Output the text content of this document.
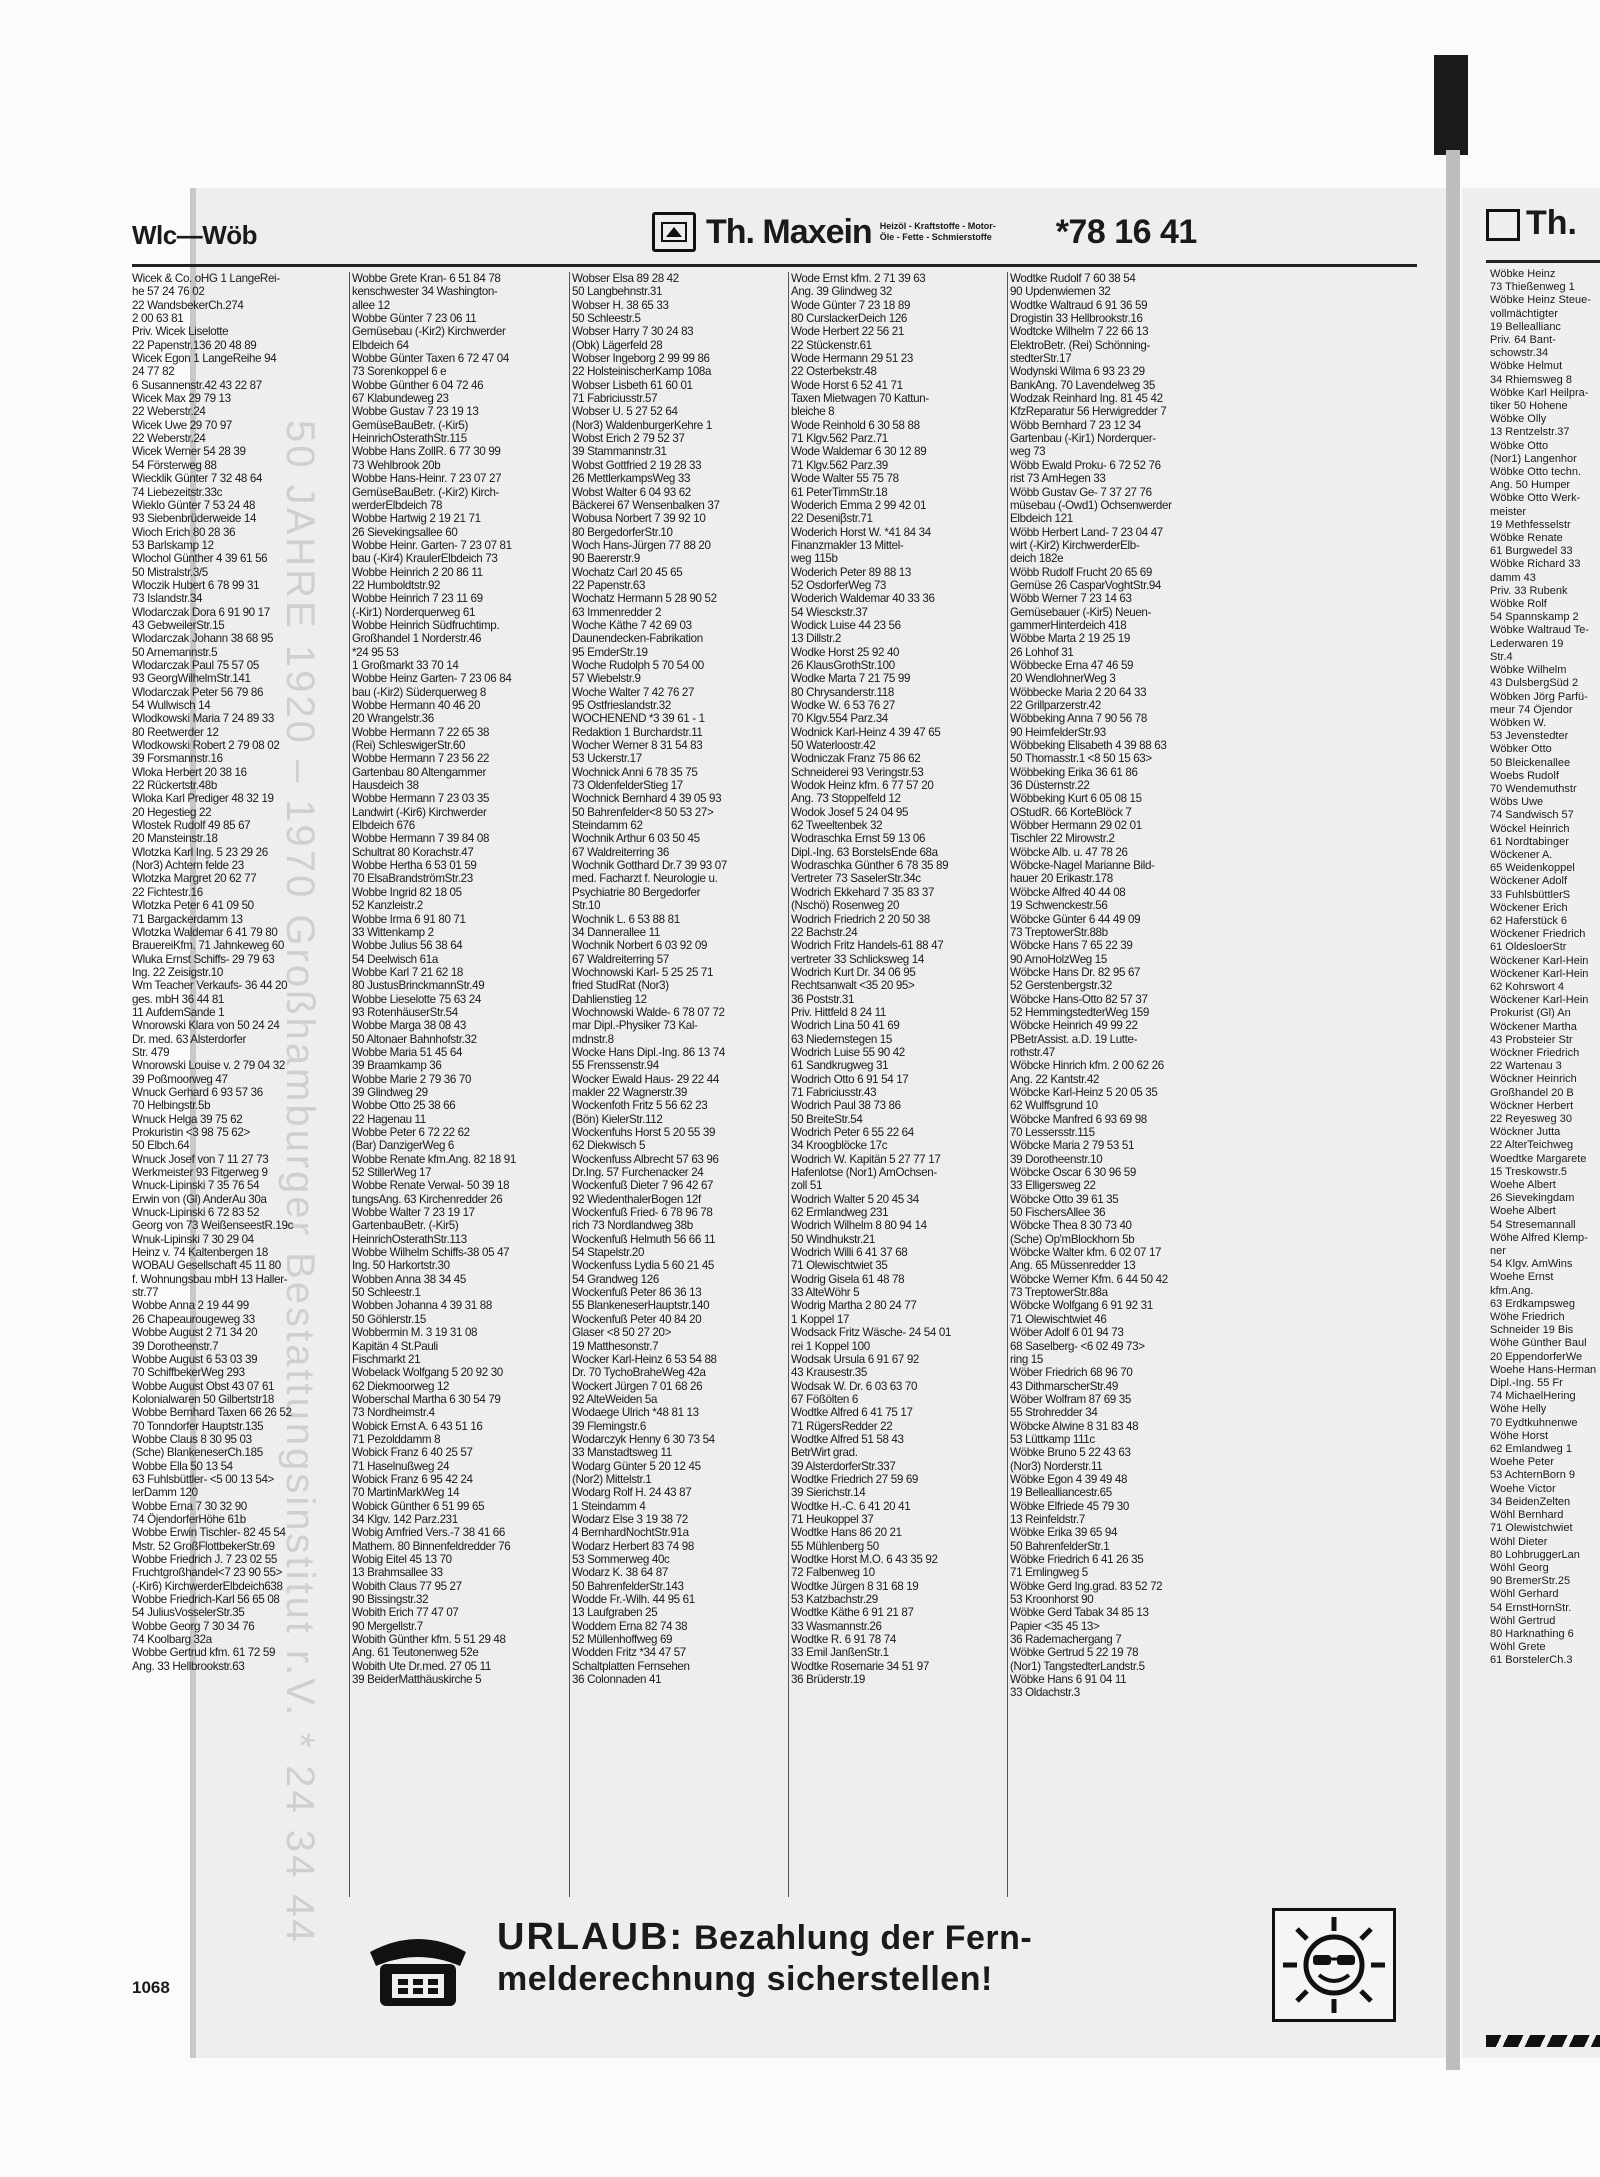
Th.
Wöbke Heinz
73 Thießenweg 1
Wöbke Heinz Steue-
vollmächtigter
19 Belleallianc
Priv. 64 Bant-
schowstr.34
Wöbke Helmut
34 Rhiemsweg 8
Wöbke Karl Heilpra-
tiker 50 Hohene
Wöbke Olly
13 Rentzelstr.37
Wöbke Otto
(Nor1) Langenhor
Wöbke Otto techn.
Ang. 50 Humper
Wöbke Otto Werk-
meister
19 Methfesselstr
Wöbke Renate
61 Burgwedel 33
Wöbke Richard 33
damm 43
Priv. 33 Rubenk
Wöbke Rolf
54 Spannskamp 2
Wöbke Waltraud Te-
Lederwaren 19
Str.4
Wöbke Wilhelm
43 DulsbergSüd 2
Wöbken Jörg Parfü-
meur 74 Öjendor
Wöbken W.
53 Jevenstedter
Wöbker Otto
50 Bleickenallee
Woebs Rudolf
70 Wendemuthstr
Wöbs Uwe
74 Sandwisch 57
Wöckel Heinrich
61 Nordtabinger
Wöckener A.
65 Weidenkoppel
Wöckener Adolf
33 FuhlsbüttlerS
Wöckener Erich
62 Haferstück 6
Wöckener Friedrich
61 OldesloerStr
Wöckener Karl-Hein
Wöckener Karl-Hein
62 Kohrswort 4
Wöckener Karl-Hein
Prokurist (Gl) An
Wöckener Martha
43 Probsteier Str
Wöckner Friedrich
22 Wartenau 3
Wöckner Heinrich
Großhandel 20 B
Wöckner Herbert
22 Reyesweg 30
Wöckner Jutta
22 AlterTeichweg
Woedtke Margarete
15 Treskowstr.5
Woehe Albert
26 Sievekingdam
Woehe Albert
54 Stresemannall
Wöhe Alfred Klemp-
ner
54 Klgv. AmWins
Woehe Ernst
kfm.Ang.
63 Erdkampsweg
Wöhe Friedrich
Schneider 19 Bis
Wöhe Günther Baul
20 EppendorferWe
Woehe Hans-Herman
Dipl.-Ing. 55 Fr
74 MichaelHering
Wöhe Helly
70 Eydtkuhnenwe
Wöhe Horst
62 Emlandweg 1
Woehe Peter
53 AchternBorn 9
Woehe Victor
34 BeidenZelten
Wöhl Bernhard
71 Olewistchwiet
Wöhl Dieter
80 LohbruggerLan
Wöhl Georg
90 BremerStr.25
Wöhl Gerhard
54 ErnstHornStr.
Wöhl Gertrud
80 Harknathing 6
Wöhl Grete
61 BorstelerCh.3
Wlc—Wöb	Th. Maxein Heizöl - Kraftstoffe - Motor-
Öle - Fette - Schmierstoffe	*78 16 41
50 JAHRE 1920 – 1970 Großhamburger Bestattungsinstitut r.V. * 24 34 44
Wicek & Co. oHG 1 LangeRei-
he 57 24 76 02
22 WandsbekerCh.274
2 00 63 81
Priv. Wicek Liselotte
22 Papenstr.136 20 48 89
Wicek Egon 1 LangeReihe 94
24 77 82
6 Susannenstr.42 43 22 87
Wicek Max 29 79 13
22 Weberstr.24
Wicek Uwe 29 70 97
22 Weberstr.24
Wicek Werner 54 28 39
54 Försterweg 88
Wiecklik Günter 7 32 48 64
74 Liebezeitstr.33c
Wieklo Günter 7 53 24 48
93 Siebenbrüderweide 14
Wioch Erich 80 28 36
53 Barlskamp 12
Wlochol Günther 4 39 61 56
50 Mistralstr.3/5
Wloczik Hubert 6 78 99 31
73 Islandstr.34
Wlodarczak Dora 6 91 90 17
43 GebweilerStr.15
Wlodarczak Johann 38 68 95
50 Arnemannstr.5
Wlodarczak Paul 75 57 05
93 GeorgWilhelmStr.141
Wlodarczak Peter 56 79 86
54 Wullwisch 14
Wlodkowski Maria 7 24 89 33
80 Reetwerder 12
Wlodkowski Robert 2 79 08 02
39 Forsmannstr.16
Wloka Herbert 20 38 16
22 Rückertstr.48b
Wloka Karl Prediger 48 32 19
20 Hegestieg 22
Wlostek Rudolf 49 85 67
20 Mansteinstr.18
Wlotzka Karl Ing. 5 23 29 26
(Nor3) Achtern felde 23
Wlotzka Margret 20 62 77
22 Fichtestr.16
Wlotzka Peter 6 41 09 50
71 Bargackerdamm 13
Wlotzka Waldemar 6 41 79 80
BrauereiKfm. 71 Jahnkeweg 60
Wluka Ernst Schiffs- 29 79 63
Ing. 22 Zeisigstr.10
Wm Teacher Verkaufs- 36 44 20
ges. mbH 36 44 81
11 AufdemSande 1
Wnorowski Klara von 50 24 24
Dr. med. 63 Alsterdorfer
Str. 479
Wnorowski Louise v. 2 79 04 32
39 Poßmoorweg 47
Wnuck Gerhard 6 93 57 36
70 Helbingstr.5b
Wnuck Helga 39 75 62
Prokuristin <3 98 75 62>
50 Elbch.64
Wnuck Josef von 7 11 27 73
Werkmeister 93 Fitgerweg 9
Wnuck-Lipinski 7 35 76 54
Erwin von (Gl) AnderAu 30a
Wnuck-Lipinski 6 72 83 52
Georg von 73 WeißenseestR.19c
Wnuk-Lipinski 7 30 29 04
Heinz v. 74 Kaltenbergen 18
WOBAU Gesellschaft 45 11 80
f. Wohnungsbau mbH 13 Haller-
str.77
Wobbe Anna 2 19 44 99
26 Chapeaurougeweg 33
Wobbe August 2 71 34 20
39 Dorotheenstr.7
Wobbe August 6 53 03 39
70 SchiffbekerWeg 293
Wobbe August Obst 43 07 61
Kolonialwaren 50 Gilbertstr18
Wobbe Bernhard Taxen 66 26 52
70 Tonndorfer Hauptstr.135
Wobbe Claus 8 30 95 03
(Sche) BlankeneserCh.185
Wobbe Ella 50 13 54
63 Fuhlsbüttler- <5 00 13 54>
lerDamm 120
Wobbe Erna 7 30 32 90
74 ÖjendorferHöhe 61b
Wobbe Erwin Tischler- 82 45 54
Mstr. 52 GroßFlottbekerStr.69
Wobbe Friedrich J. 7 23 02 55
Fruchtgroßhandel<7 23 90 55>
(-Kir6) KirchwerderElbdeich638
Wobbe Friedrich-Karl 56 65 08
54 JuliusVosselerStr.35
Wobbe Georg 7 30 34 76
74 Koolbarg 32a
Wobbe Gertrud kfm. 61 72 59
Ang. 33 Hellbrookstr.63
Wobbe Grete Kran- 6 51 84 78
kenschwester 34 Washington-
allee 12
Wobbe Günter 7 23 06 11
Gemüsebau (-Kir2) Kirchwerder
Elbdeich 64
Wobbe Günter Taxen 6 72 47 04
73 Sorenkoppel 6 e
Wobbe Günther 6 04 72 46
67 Klabundeweg 23
Wobbe Gustav 7 23 19 13
GemüseBauBetr. (-Kir5)
HeinrichOsterathStr.115
Wobbe Hans ZollR. 6 77 30 99
73 Wehlbrook 20b
Wobbe Hans-Heinr. 7 23 07 27
GemüseBauBetr. (-Kir2) Kirch-
werderElbdeich 78
Wobbe Hartwig 2 19 21 71
26 Sievekingsallee 60
Wobbe Heinr. Garten- 7 23 07 81
bau (-Kir4) KraulerElbdeich 73
Wobbe Heinrich 2 20 86 11
22 Humboldtstr.92
Wobbe Heinrich 7 23 11 69
(-Kir1) Norderquerweg 61
Wobbe Heinrich Südfruchtimp.
Großhandel 1 Norderstr.46
*24 95 53
1 Großmarkt 33 70 14
Wobbe Heinz Garten- 7 23 06 84
bau (-Kir2) Süderquerweg 8
Wobbe Hermann 40 46 20
20 Wrangelstr.36
Wobbe Hermann 7 22 65 38
(Rei) SchleswigerStr.60
Wobbe Hermann 7 23 56 22
Gartenbau 80 Altengammer
Hausdeich 38
Wobbe Hermann 7 23 03 35
Landwirt (-Kir6) Kirchwerder
Elbdeich 676
Wobbe Hermann 7 39 84 08
Schultrat 80 Korachstr.47
Wobbe Hertha 6 53 01 59
70 ElsaBrandströmStr.23
Wobbe Ingrid 82 18 05
52 Kanzleistr.2
Wobbe Irma 6 91 80 71
33 Wittenkamp 2
Wobbe Julius 56 38 64
54 Deelwisch 61a
Wobbe Karl 7 21 62 18
80 JustusBrinckmannStr.49
Wobbe Lieselotte 75 63 24
93 RotenhäuserStr.54
Wobbe Marga 38 08 43
50 Altonaer Bahnhofstr.32
Wobbe Maria 51 45 64
39 Braamkamp 36
Wobbe Marie 2 79 36 70
39 Glindweg 29
Wobbe Otto 25 38 66
22 Hagenau 11
Wobbe Peter 6 72 22 62
(Bar) DanzigerWeg 6
Wobbe Renate kfm.Ang. 82 18 91
52 StillerWeg 17
Wobbe Renate Verwal- 50 39 18
tungsAng. 63 Kirchenredder 26
Wobbe Walter 7 23 19 17
GartenbauBetr. (-Kir5)
HeinrichOsterathStr.113
Wobbe Wilhelm Schiffs-38 05 47
Ing. 50 Harkortstr.30
Wobben Anna 38 34 45
50 Schleestr.1
Wobben Johanna 4 39 31 88
50 Göhlerstr.15
Wobbermin M. 3 19 31 08
Kapitän 4 St.Pauli
Fischmarkt 21
Wobelack Wolfgang 5 20 92 30
62 Diekmoorweg 12
Woberschal Martha 6 30 54 79
73 Nordheimstr.4
Wobick Ernst A. 6 43 51 16
71 Pezolddamm 8
Wobick Franz 6 40 25 57
71 Haselnußweg 24
Wobick Franz 6 95 42 24
70 MartinMarkWeg 14
Wobick Günther 6 51 99 65
34 Klgv. 142 Parz.231
Wobig Amfried Vers.-7 38 41 66
Mathem. 80 Binnenfeldredder 76
Wobig Eitel 45 13 70
13 Brahmsallee 33
Wobith Claus 77 95 27
90 Bissingstr.32
Wobith Erich 77 47 07
90 Mergellstr.7
Wobith Günther kfm. 5 51 29 48
Ang. 61 Teutonenweg 52e
Wobith Ute Dr.med. 27 05 11
39 BeiderMatthäuskirche 5
Wobser Elsa 89 28 42
50 Langbehnstr.31
Wobser H. 38 65 33
50 Schleestr.5
Wobser Harry 7 30 24 83
(Obk) Lägerfeld 28
Wobser Ingeborg 2 99 99 86
22 HolsteinischerKamp 108a
Wobser Lisbeth 61 60 01
71 Fabriciusstr.57
Wobser U. 5 27 52 64
(Nor3) WaldenburgerKehre 1
Wobst Erich 2 79 52 37
39 Stammannstr.31
Wobst Gottfried 2 19 28 33
26 MettlerkampsWeg 33
Wobst Walter 6 04 93 62
Bäckerei 67 Wensenbalken 37
Wobusa Norbert 7 39 92 10
80 BergedorferStr.10
Woch Hans-Jürgen 77 88 20
90 Baererstr.9
Wochatz Carl 20 45 65
22 Papenstr.63
Wochatz Hermann 5 28 90 52
63 Immenredder 2
Woche Käthe 7 42 69 03
Daunendecken-Fabrikation
95 EmderStr.19
Woche Rudolph 5 70 54 00
57 Wiebelstr.9
Woche Walter 7 42 76 27
95 Ostfrieslandstr.32
WOCHENEND *3 39 61 - 1
Redaktion 1 Burchardstr.11
Wocher Werner 8 31 54 83
53 Uckerstr.17
Wochnick Anni 6 78 35 75
73 OldenfelderStieg 17
Wochnick Bernhard 4 39 05 93
50 Bahrenfelder<8 50 53 27>
Steindamm 62
Wochnik Arthur 6 03 50 45
67 Waldreiterring 36
Wochnik Gotthard Dr.7 39 93 07
med. Facharzt f. Neurologie u.
Psychiatrie 80 Bergedorfer
Str.10
Wochnik L. 6 53 88 81
34 Dannerallee 11
Wochnik Norbert 6 03 92 09
67 Waldreiterring 57
Wochnowski Karl- 5 25 25 71
fried StudRat (Nor3)
Dahlienstieg 12
Wochnowski Walde- 6 78 07 72
mar Dipl.-Physiker 73 Kal-
mdnstr.8
Wocke Hans Dipl.-Ing. 86 13 74
55 Frenssenstr.94
Wocker Ewald Haus- 29 22 44
makler 22 Wagnerstr.39
Wockenfoth Fritz 5 56 62 23
(Bön) KielerStr.112
Wockenfuhs Horst 5 20 55 39
62 Diekwisch 5
Wockenfuss Albrecht 57 63 96
Dr.Ing. 57 Furchenacker 24
Wockenfuß Dieter 7 96 42 67
92 WiedenthalerBogen 12f
Wockenfuß Fried- 6 78 96 78
rich 73 Nordlandweg 38b
Wockenfuß Helmuth 56 66 11
54 Stapelstr.20
Wockenfuss Lydia 5 60 21 45
54 Grandweg 126
Wockenfuß Peter 86 36 13
55 BlankeneserHauptstr.140
Wockenfuß Peter 40 84 20
Glaser <8 50 27 20>
19 Matthesonstr.7
Wocker Karl-Heinz 6 53 54 88
Dr. 70 TychoBraheWeg 42a
Wockert Jürgen 7 01 68 26
92 AlteWeiden 5a
Wodaege Ulrich *48 81 13
39 Flemingstr.6
Wodarczyk Henny 6 30 73 54
33 Manstadtsweg 11
Wodarg Günter 5 20 12 45
(Nor2) Mittelstr.1
Wodarg Rolf H. 24 43 87
1 Steindamm 4
Wodarz Else 3 19 38 72
4 BernhardNochtStr.91a
Wodarz Herbert 83 74 98
53 Sommerweg 40c
Wodarz K. 38 64 87
50 BahrenfelderStr.143
Wodde Fr.-Wilh. 44 95 61
13 Laufgraben 25
Woddem Erna 82 74 38
52 Müllenhoffweg 69
Wodden Fritz *34 47 57
Schaltplatten Fernsehen
36 Colonnaden 41
Wode Ernst kfm. 2 71 39 63
Ang. 39 Glindweg 32
Wode Günter 7 23 18 89
80 CurslackerDeich 126
Wode Herbert 22 56 21
22 Stückenstr.61
Wode Hermann 29 51 23
22 Osterbekstr.48
Wode Horst 6 52 41 71
Taxen Mietwagen 70 Kattun-
bleiche 8
Wode Reinhold 6 30 58 88
71 Klgv.562 Parz.71
Wode Waldemar 6 30 12 89
71 Klgv.562 Parz.39
Wode Walter 55 75 78
61 PeterTimmStr.18
Woderich Emma 2 99 42 01
22 Deseniβstr.71
Woderich Horst W. *41 84 34
Finanzmakler 13 Mittel-
weg 115b
Woderich Peter 89 88 13
52 OsdorferWeg 73
Woderich Waldemar 40 33 36
54 Wiesckstr.37
Wodick Luise 44 23 56
13 Dillstr.2
Wodke Horst 25 92 40
26 KlausGrothStr.100
Wodke Marta 7 21 75 99
80 Chrysanderstr.118
Wodke W. 6 53 76 27
70 Klgv.554 Parz.34
Wodnick Karl-Heinz 4 39 47 65
50 Waterloostr.42
Wodniczak Franz 75 86 62
Schneiderei 93 Veringstr.53
Wodok Heinz kfm. 6 77 57 20
Ang. 73 Stoppelfeld 12
Wodok Josef 5 24 04 95
62 Tweeltenbek 32
Wodraschka Ernst 59 13 06
Dipl.-Ing. 63 BorstelsEnde 68a
Wodraschka Günther 6 78 35 89
Vertreter 73 SaselerStr.34c
Wodrich Ekkehard 7 35 83 37
(Nschö) Rosenweg 20
Wodrich Friedrich 2 20 50 38
22 Bachstr.24
Wodrich Fritz Handels-61 88 47
vertreter 33 Schlicksweg 14
Wodrich Kurt Dr. 34 06 95
Rechtsanwalt <35 20 95>
36 Poststr.31
Priv. Hittfeld 8 24 11
Wodrich Lina 50 41 69
63 Niedernstegen 15
Wodrich Luise 55 90 42
61 Sandkrugweg 31
Wodrich Otto 6 91 54 17
71 Fabriciusstr.43
Wodrich Paul 38 73 86
50 BreiteStr.54
Wodrich Peter 6 55 22 64
34 Kroogblöcke 17c
Wodrich W. Kapitän 5 27 77 17
Hafenlotse (Nor1) AmOchsen-
zoll 51
Wodrich Walter 5 20 45 34
62 Ermlandweg 231
Wodrich Wilhelm 8 80 94 14
50 Windhukstr.21
Wodrich Willi 6 41 37 68
71 Olewischtwiet 35
Wodrig Gisela 61 48 78
33 AlteWöhr 5
Wodrig Martha 2 80 24 77
1 Koppel 17
Wodsack Fritz Wäsche- 24 54 01
rei 1 Koppel 100
Wodsak Ursula 6 91 67 92
43 Krausestr.35
Wodsak W. Dr. 6 03 63 70
67 Fößölten 6
Wodtke Alfred 6 41 75 17
71 RügersRedder 22
Wodtke Alfred 51 58 43
BetrWirt grad.
39 AlsterdorferStr.337
Wodtke Friedrich 27 59 69
39 Sierichstr.14
Wodtke H.-C. 6 41 20 41
71 Heukoppel 37
Wodtke Hans 86 20 21
55 Mühlenberg 50
Wodtke Horst M.O. 6 43 35 92
72 Falbenweg 10
Wodtke Jürgen 8 31 68 19
53 Katzbachstr.29
Wodtke Käthe 6 91 21 87
33 Wasmannstr.26
Wodtke R. 6 91 78 74
33 Emil JanßenStr.1
Wodtke Rosemarie 34 51 97
36 Brüderstr.19
Wodtke Rudolf 7 60 38 54
90 Updenwiemen 32
Wodtke Waltraud 6 91 36 59
Drogistin 33 Hellbrookstr.16
Wodtcke Wilhelm 7 22 66 13
ElektroBetr. (Rei) Schönning-
stedterStr.17
Wodynski Wilma 6 93 23 29
BankAng. 70 Lavendelweg 35
Wodzak Reinhard Ing. 81 45 42
KfzReparatur 56 Herwigredder 7
Wöbb Bernhard 7 23 12 34
Gartenbau (-Kir1) Norderquer-
weg 73
Wöbb Ewald Proku- 6 72 52 76
rist 73 AmHegen 33
Wöbb Gustav Ge- 7 37 27 76
müsebau (-Owd1) Ochsenwerder
Elbdeich 121
Wöbb Herbert Land- 7 23 04 47
wirt (-Kir2) KirchwerderElb-
deich 182e
Wöbb Rudolf Frucht 20 65 69
Gemüse 26 CasparVoghtStr.94
Wöbb Werner 7 23 14 63
Gemüsebauer (-Kir5) Neuen-
gammerHinterdeich 418
Wöbbe Marta 2 19 25 19
26 Lohhof 31
Wöbbecke Erna 47 46 59
20 WendlohnerWeg 3
Wöbbecke Maria 2 20 64 33
22 Grillparzerstr.42
Wöbbeking Anna 7 90 56 78
90 HeimfelderStr.93
Wöbbeking Elisabeth 4 39 88 63
50 Thomasstr.1 <8 50 15 63>
Wöbbeking Erika 36 61 86
36 Düsternstr.22
Wöbbeking Kurt 6 05 08 15
OStudR. 66 KorteBlöck 7
Wöbber Hermann 29 02 01
Tischler 22 Mirowstr.2
Wöbcke Alb. u. 47 78 26
Wöbcke-Nagel Marianne Bild-
hauer 20 Erikastr.178
Wöbcke Alfred 40 44 08
19 Schwenckestr.56
Wöbcke Günter 6 44 49 09
73 TreptowerStr.88b
Wöbcke Hans 7 65 22 39
90 ArnoHolzWeg 15
Wöbcke Hans Dr. 82 95 67
52 Gerstenbergstr.32
Wöbcke Hans-Otto 82 57 37
52 HemmingstedterWeg 159
Wöbcke Heinrich 49 99 22
PBetrAssist. a.D. 19 Lutte-
rothstr.47
Wöbcke Hinrich kfm. 2 00 62 26
Ang. 22 Kantstr.42
Wöbcke Karl-Heinz 5 20 05 35
62 Wulffsgrund 10
Wöbcke Manfred 6 93 69 98
70 Lessersstr.115
Wöbcke Maria 2 79 53 51
39 Dorotheenstr.10
Wöbcke Oscar 6 30 96 59
33 Elligersweg 22
Wöbcke Otto 39 61 35
50 FischersAllee 36
Wöbcke Thea 8 30 73 40
(Sche) Op'mBlockhorn 5b
Wöbcke Walter kfm. 6 02 07 17
Ang. 65 Müssenredder 13
Wöbcke Werner Kfm. 6 44 50 42
73 TreptowerStr.88a
Wöbcke Wolfgang 6 91 92 31
71 Olewischtwiet 46
Wöber Adolf 6 01 94 73
68 Saselberg- <6 02 49 73>
ring 15
Wöber Friedrich 68 96 70
43 DithmarscherStr.49
Wöber Wolfram 87 69 35
55 Strohredder 34
Wöbcke Alwine 8 31 83 48
53 Lüttkamp 111c
Wöbke Bruno 5 22 43 63
(Nor3) Norderstr.11
Wöbke Egon 4 39 49 48
19 Bellealliancestr.65
Wöbke Elfriede 45 79 30
13 Reinfeldstr.7
Wöbke Erika 39 65 94
50 BahrenfelderStr.1
Wöbke Friedrich 6 41 26 35
71 Ernlingweg 5
Wöbke Gerd Ing.grad. 83 52 72
53 Kroonhorst 90
Wöbke Gerd Tabak 34 85 13
Papier <35 45 13>
36 Rademachergang 7
Wöbke Gertrud 5 22 19 78
(Nor1) TangstedterLandstr.5
Wöbke Hans 6 91 04 11
33 Oldachstr.3
1068
URLAUB: Bezahlung der Fern-
melderechnung sicherstellen!
